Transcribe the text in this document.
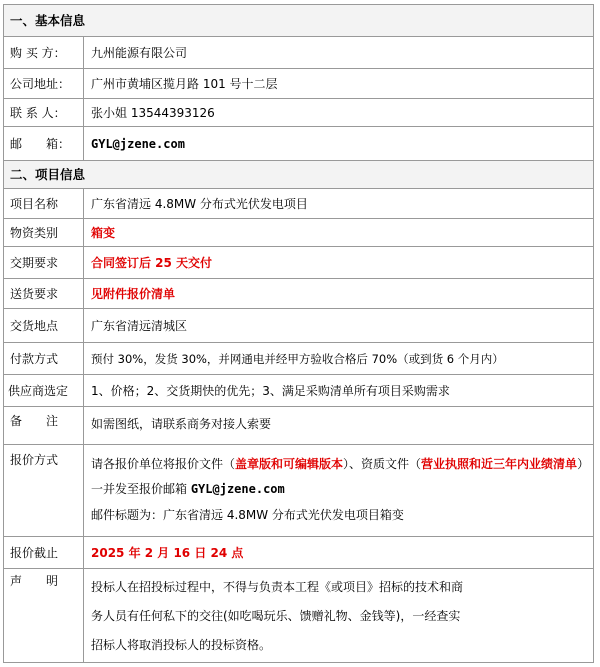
一、基本信息	
购 买 方：	九州能源有限公司
公司地址：	广州市黄埔区揽月路 101 号十二层
联 系 人：	张小姐 13544393126
邮　　箱：	GYL@jzene.com
二、项目信息	
项目名称	广东省清远 4.8MW 分布式光伏发电项目
物资类别	箱变
交期要求	合同签订后 25 天交付
送货要求	见附件报价清单
交货地点	广东省清远清城区
付款方式	预付 30%，发货 30%，并网通电并经甲方验收合格后 70%（或到货 6 个月内）
供应商选定	1、价格；2、交货期快的优先；3、满足采购清单所有项目采购需求
备　　注	如需图纸，请联系商务对接人索要
报价方式	请各报价单位将报价文件（盖章版和可编辑版本）、资质文件（营业执照和近三年内业绩清单）一并发至报价邮箱 GYL@jzene.com
邮件标题为：广东省清远 4.8MW 分布式光伏发电项目箱变

报价截止	2025 年 2 月 16 日 24 点
声　　明	投标人在招投标过程中，不得与负责本工程《或项目》招标的技术和商
务人员有任何私下的交往(如吃喝玩乐、馈赠礼物、金钱等)，一经查实
招标人将取消投标人的投标资格。
